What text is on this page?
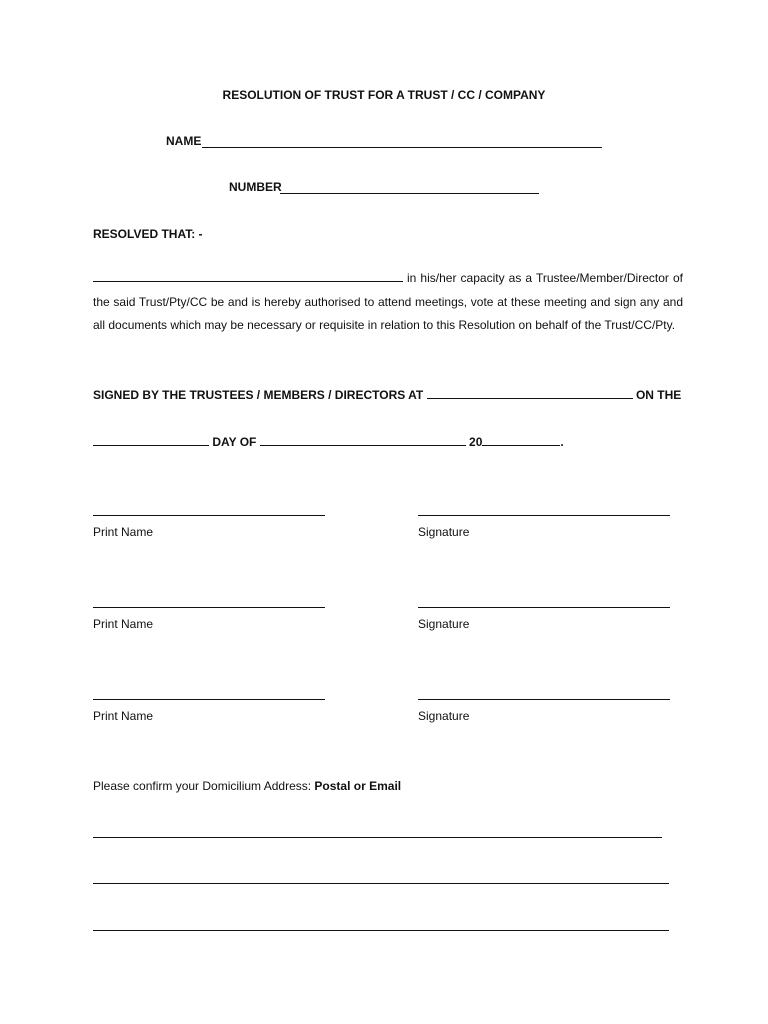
RESOLUTION OF TRUST FOR A TRUST / CC / COMPANY
NAME
NUMBER
RESOLVED THAT: -
in his/her capacity as a Trustee/Member/Director of the said Trust/Pty/CC be and is hereby authorised to attend meetings, vote at these meeting and sign any and all documents which may be necessary or requisite in relation to this Resolution on behalf of the Trust/CC/Pty.
SIGNED BY THE TRUSTEES / MEMBERS / DIRECTORS AT	ON THE
DAY OF	20	.
Print Name	Signature
Print Name	Signature
Print Name	Signature
Please confirm your Domicilium Address: Postal or Email
